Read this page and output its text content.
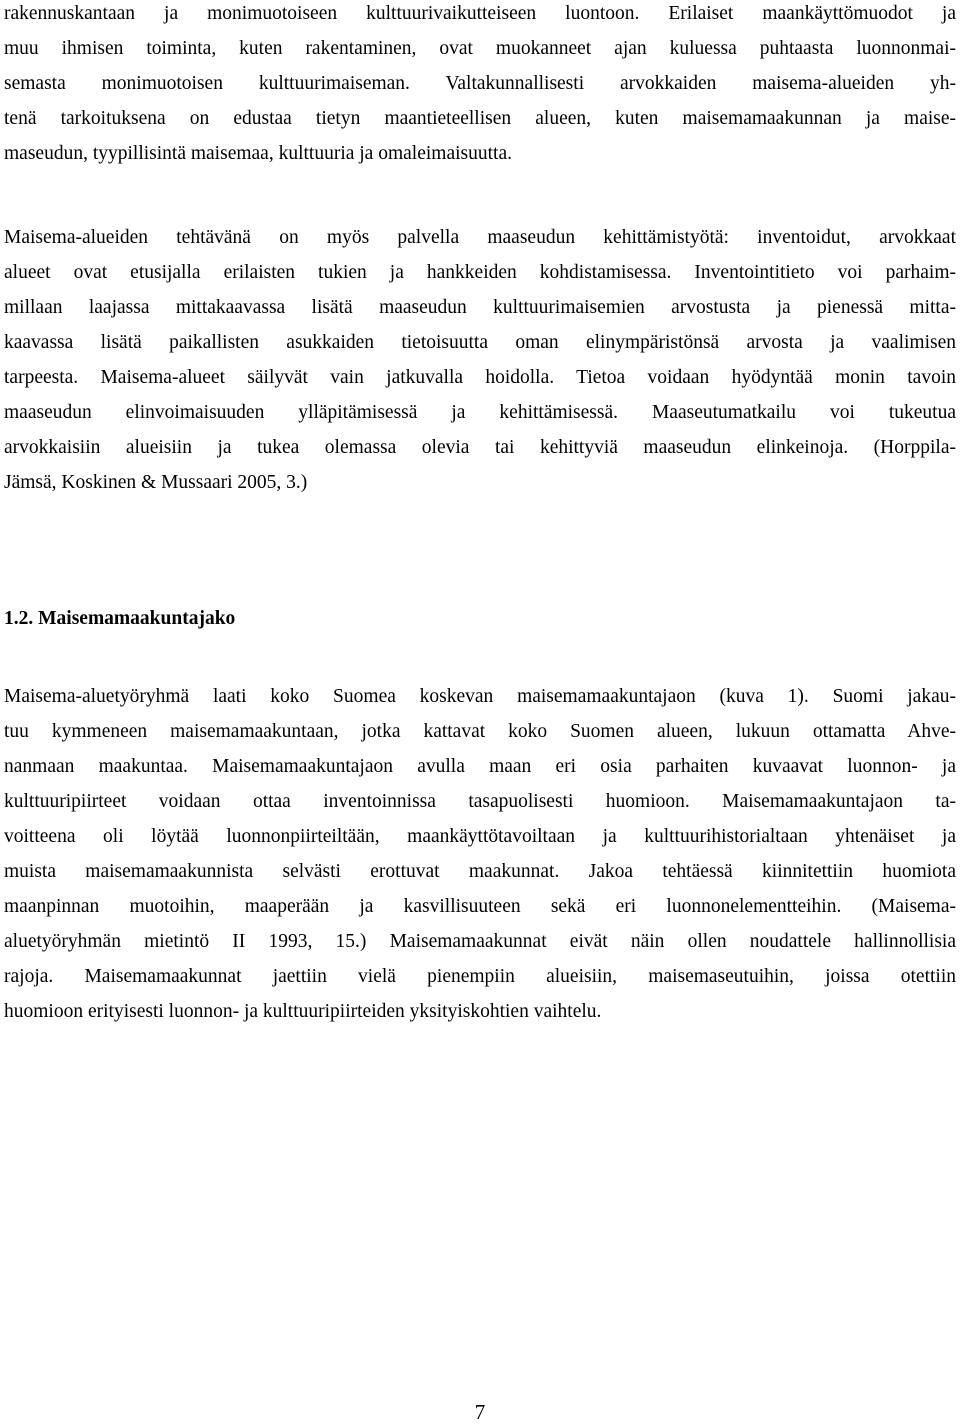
rakennuskantaan ja monimuotoiseen kulttuurivaikutteiseen luontoon. Erilaiset maankäyttömuodot ja
muu ihmisen toiminta, kuten rakentaminen, ovat muokanneet ajan kuluessa puhtaasta luonnonmai-
semasta monimuotoisen kulttuurimaiseman. Valtakunnallisesti arvokkaiden maisema-alueiden yh-
tenä tarkoituksena on edustaa tietyn maantieteellisen alueen, kuten maisemamaakunnan ja maise-
maseudun, tyypillisintä maisemaa, kulttuuria ja omaleimaisuutta.
Maisema-alueiden tehtävänä on myös palvella maaseudun kehittämistyötä: inventoidut, arvokkaat
alueet ovat etusijalla erilaisten tukien ja hankkeiden kohdistamisessa. Inventointitieto voi parhaim-
millaan laajassa mittakaavassa lisätä maaseudun kulttuurimaisemien arvostusta ja pienessä mitta-
kaavassa lisätä paikallisten asukkaiden tietoisuutta oman elinympäristönsä arvosta ja vaalimisen
tarpeesta. Maisema-alueet säilyvät vain jatkuvalla hoidolla. Tietoa voidaan hyödyntää monin tavoin
maaseudun elinvoimaisuuden ylläpitämisessä ja kehittämisessä. Maaseutumatkailu voi tukeutua
arvokkaisiin alueisiin ja tukea olemassa olevia tai kehittyviä maaseudun elinkeinoja. (Horppila-
Jämsä, Koskinen & Mussaari 2005, 3.)
1.2. Maisemamaakuntajako
Maisema-aluetyöryhmä laati koko Suomea koskevan maisemamaakuntajaon (kuva 1). Suomi jakau-
tuu kymmeneen maisemamaakuntaan, jotka kattavat koko Suomen alueen, lukuun ottamatta Ahve-
nanmaan maakuntaa. Maisemamaakuntajaon avulla maan eri osia parhaiten kuvaavat luonnon- ja
kulttuuripiirteet voidaan ottaa inventoinnissa tasapuolisesti huomioon. Maisemamaakuntajaon ta-
voitteena oli löytää luonnonpiirteiltään, maankäyttötavoiltaan ja kulttuurihistorialtaan yhtenäiset ja
muista maisemamaakunnista selvästi erottuvat maakunnat. Jakoa tehtäessä kiinnitettiin huomiota
maanpinnan muotoihin, maaperään ja kasvillisuuteen sekä eri luonnonelementteihin. (Maisema-
aluetyöryhmän mietintö II 1993, 15.) Maisemamaakunnat eivät näin ollen noudattele hallinnollisia
rajoja. Maisemamaakunnat jaettiin vielä pienempiin alueisiin, maisemaseutuihin, joissa otettiin
huomioon erityisesti luonnon- ja kulttuuripiirteiden yksityiskohtien vaihtelu.
7
